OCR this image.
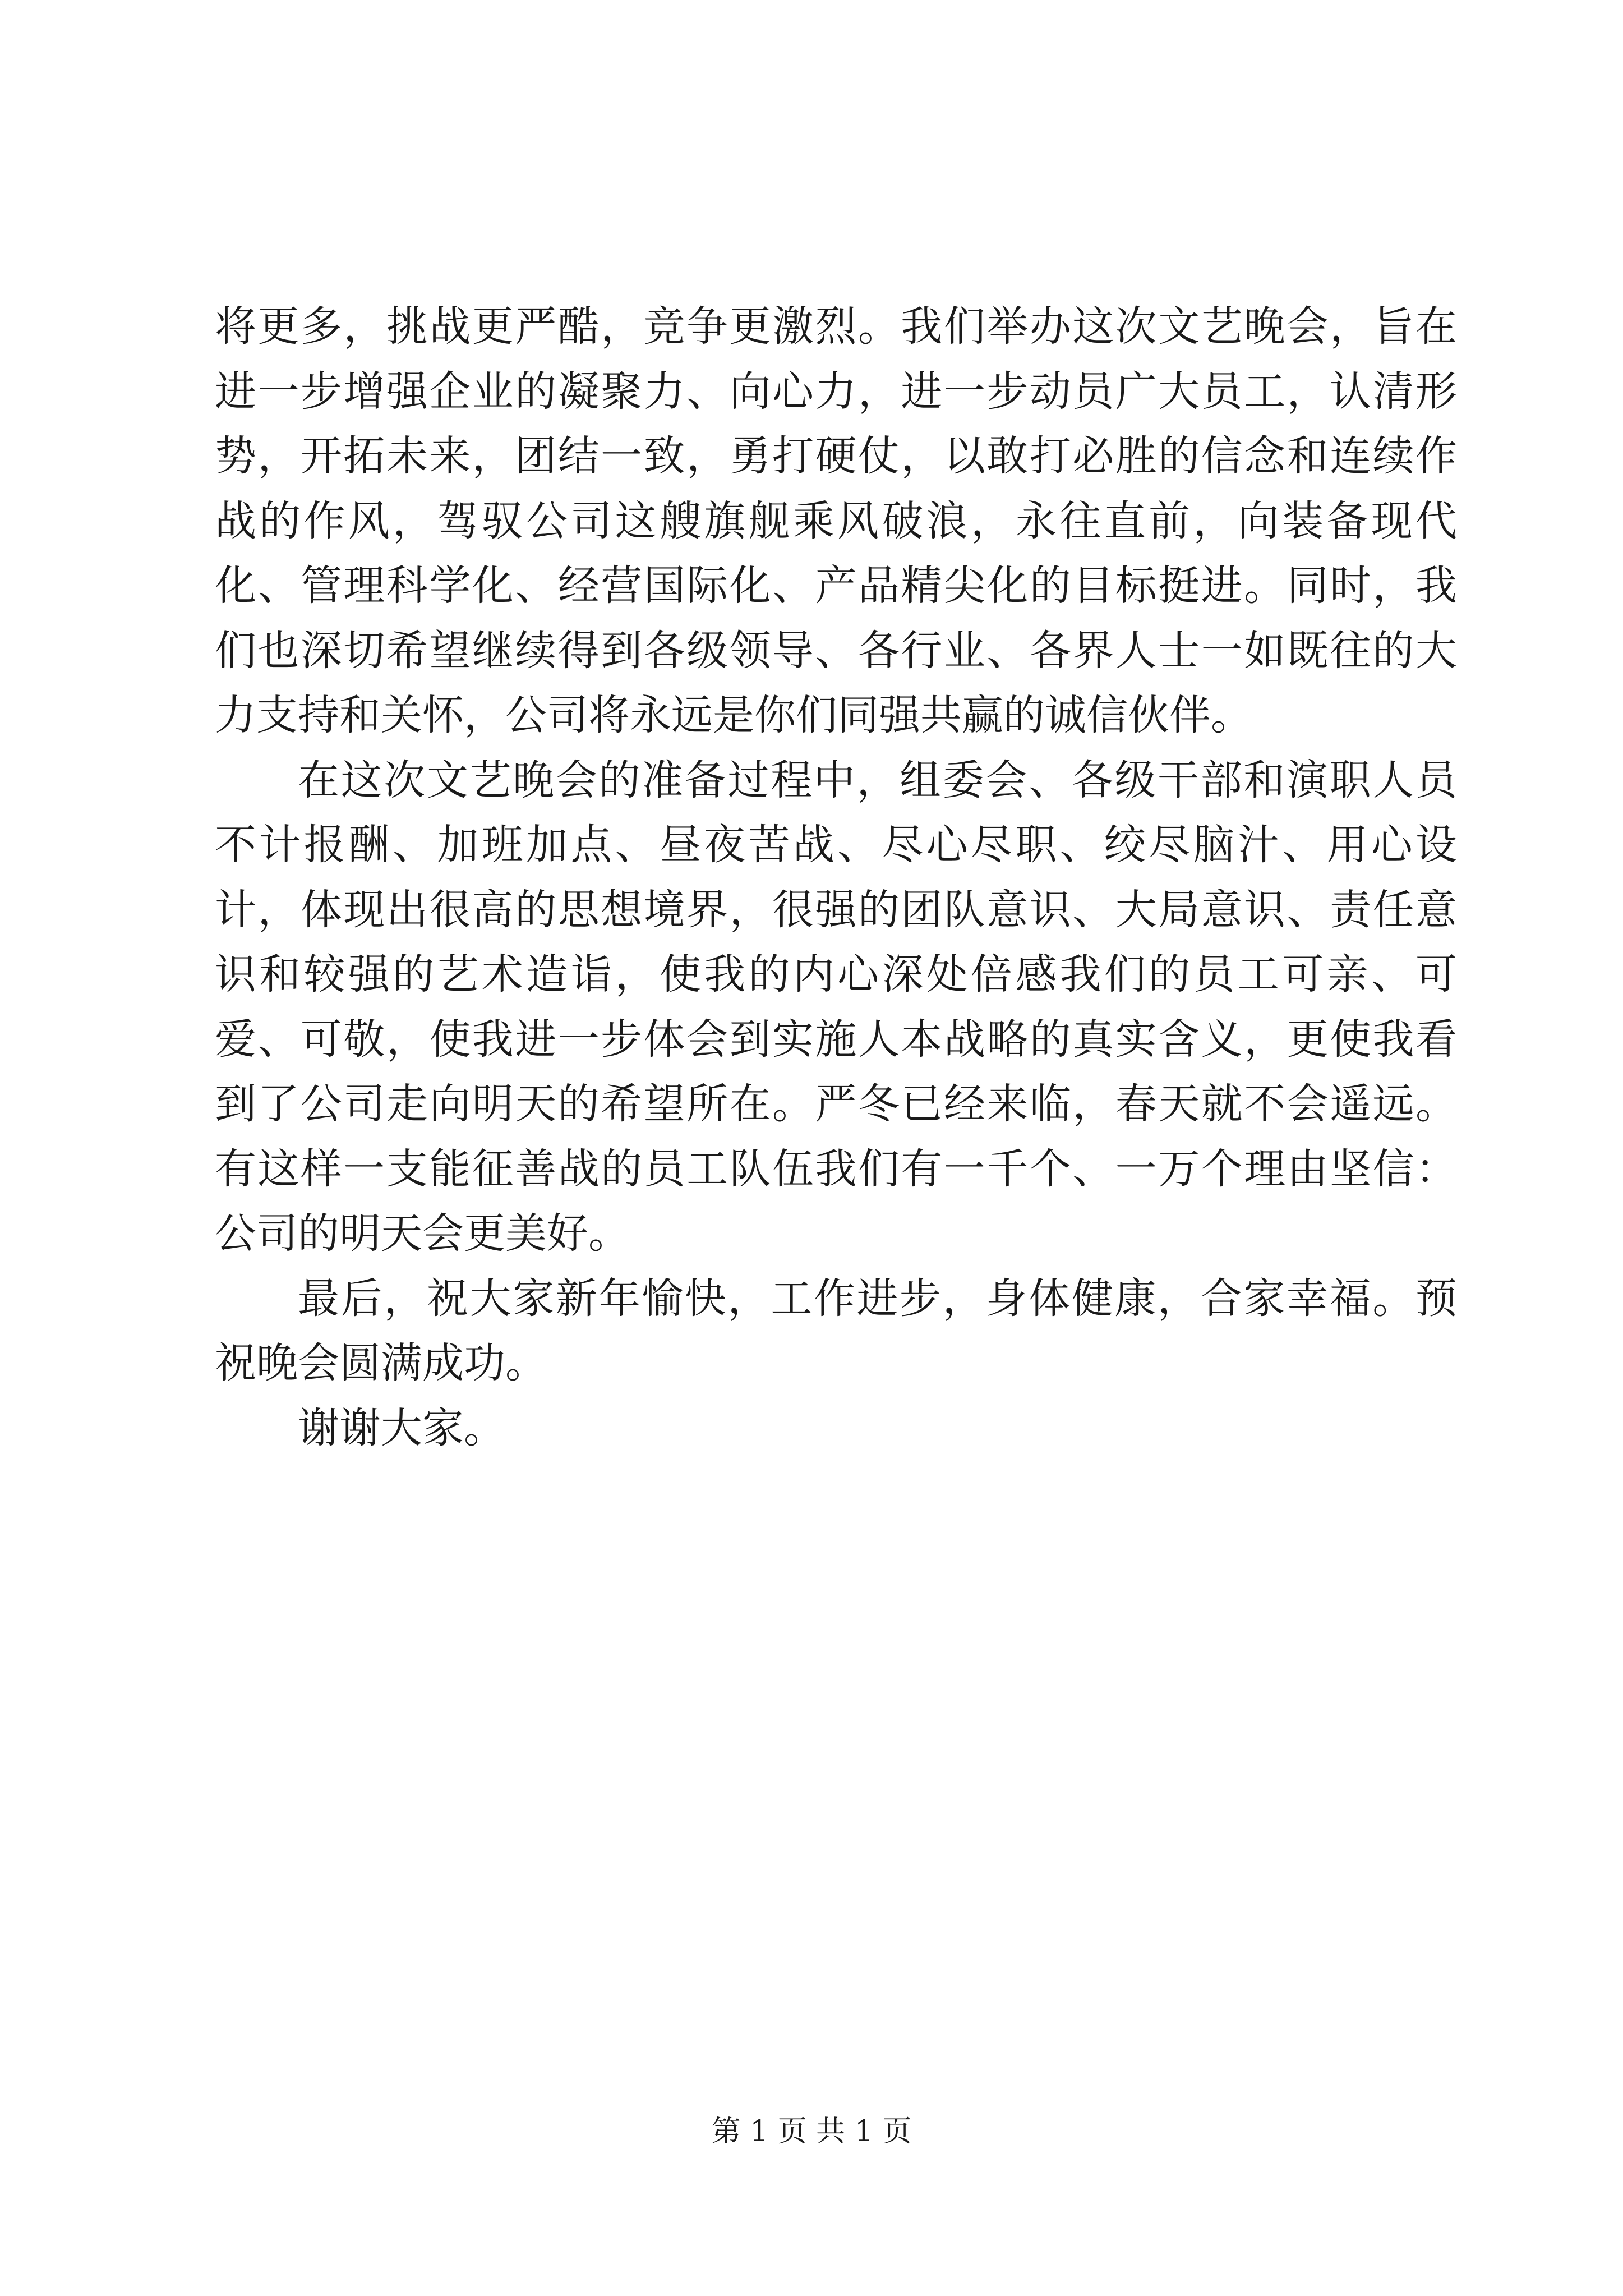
将更多，挑战更严酷，竞争更激烈。我们举办这次文艺晚会，旨在进一步增强企业的凝聚力、向心力，进一步动员广大员工，认清形势，开拓未来，团结一致，勇打硬仗，以敢打必胜的信念和连续作战的作风，驾驭公司这艘旗舰乘风破浪，永往直前，向装备现代化、管理科学化、经营国际化、产品精尖化的目标挺进。同时，我们也深切希望继续得到各级领导、各行业、各界人士一如既往的大力支持和关怀，公司将永远是你们同强共赢的诚信伙伴。

在这次文艺晚会的准备过程中，组委会、各级干部和演职人员不计报酬、加班加点、昼夜苦战、尽心尽职、绞尽脑汁、用心设计，体现出很高的思想境界，很强的团队意识、大局意识、责任意识和较强的艺术造诣，使我的内心深处倍感我们的员工可亲、可爱、可敬，使我进一步体会到实施人本战略的真实含义，更使我看到了公司走向明天的希望所在。严冬已经来临，春天就不会遥远。有这样一支能征善战的员工队伍我们有一千个、一万个理由坚信：公司的明天会更美好。

最后，祝大家新年愉快，工作进步，身体健康，合家幸福。预祝晚会圆满成功。

谢谢大家。

第 1 页 共 1 页
